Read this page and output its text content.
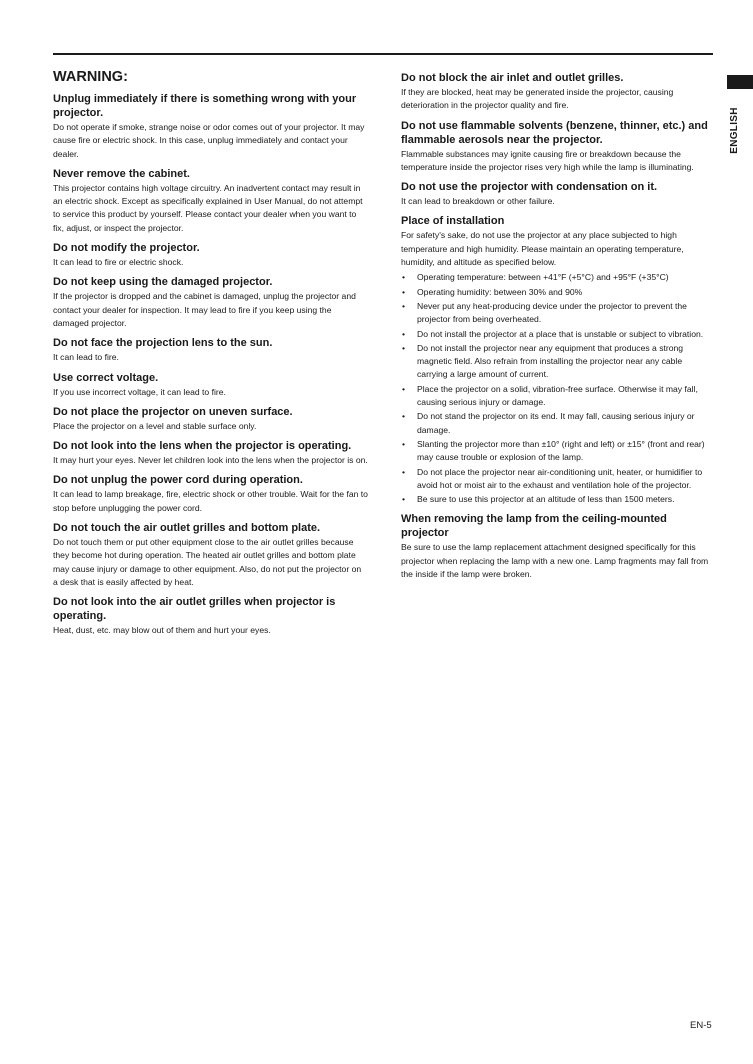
ENGLISH
WARNING:
Unplug immediately if there is something wrong with your projector.

Do not operate if smoke, strange noise or odor comes out of your projector. It may cause fire or electric shock. In this case, unplug immediately and contact your dealer.

Never remove the cabinet.

This projector contains high voltage circuitry. An inadvertent contact may result in an electric shock. Except as specifically explained in User Manual, do not attempt to service this product by yourself. Please contact your dealer when you want to fix, adjust, or inspect the projector.

Do not modify the projector.

It can lead to fire or electric shock.

Do not keep using the damaged projector.

If the projector is dropped and the cabinet is damaged, unplug the projector and contact your dealer for inspection. It may lead to fire if you keep using the damaged projector.

Do not face the projection lens to the sun.

It can lead to fire.

Use correct voltage.

If you use incorrect voltage, it can lead to fire.

Do not place the projector on uneven surface.

Place the projector on a level and stable surface only.

Do not look into the lens when the projector is operating.

It may hurt your eyes. Never let children look into the lens when the projector is on.

Do not unplug the power cord during operation.

It can lead to lamp breakage, fire, electric shock or other trouble. Wait for the fan to stop before unplugging the power cord.

Do not touch the air outlet grilles and bottom plate.

Do not touch them or put other equipment close to the air outlet grilles because they become hot during operation. The heated air outlet grilles and bottom plate may cause injury or damage to other equipment. Also, do not put the projector on a desk that is easily affected by heat.

Do not look into the air outlet grilles when projector is operating.

Heat, dust, etc. may blow out of them and hurt your eyes.

Do not block the air inlet and outlet grilles.

If they are blocked, heat may be generated inside the projector, causing deterioration in the projector quality and fire.

Do not use flammable solvents (benzene, thinner, etc.) and flammable aerosols near the projector.

Flammable substances may ignite causing fire or breakdown because the temperature inside the projector rises very high while the lamp is illuminating.

Do not use the projector with condensation on it.

It can lead to breakdown or other failure.

Place of installation

For safety's sake, do not use the projector at any place subjected to high temperature and high humidity. Please maintain an operating temperature, humidity, and altitude as specified below.

• Operating temperature: between +41°F (+5°C) and +95°F (+35°C)
• Operating humidity: between 30% and 90%
• Never put any heat-producing device under the projector to prevent the projector from being overheated.
• Do not install the projector at a place that is unstable or subject to vibration.
• Do not install the projector near any equipment that produces a strong magnetic field. Also refrain from installing the projector near any cable carrying a large amount of current.
• Place the projector on a solid, vibration-free surface. Otherwise it may fall, causing serious injury or damage.
• Do not stand the projector on its end. It may fall, causing serious injury or damage.
• Slanting the projector more than ±10° (right and left) or ±15° (front and rear) may cause trouble or explosion of the lamp.
• Do not place the projector near air-conditioning unit, heater, or humidifier to avoid hot or moist air to the exhaust and ventilation hole of the projector.
• Be sure to use this projector at an altitude of less than 1500 meters.
When removing the lamp from the ceiling-mounted projector

Be sure to use the lamp replacement attachment designed specifically for this projector when replacing the lamp with a new one. Lamp fragments may fall from the inside if the lamp were broken.

EN-5
